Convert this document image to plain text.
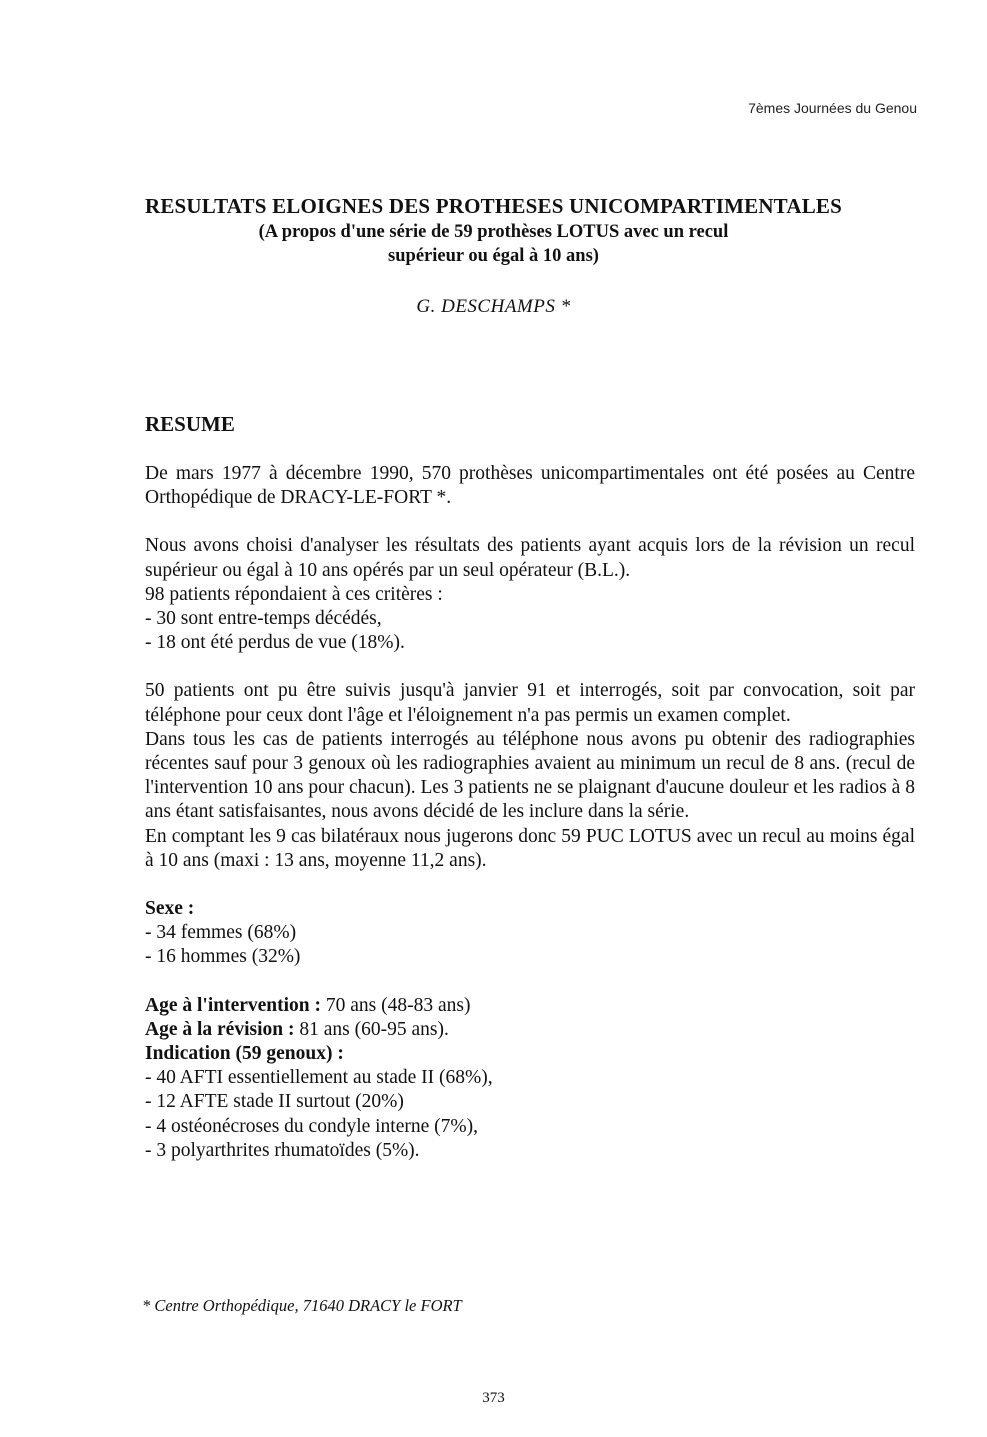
7èmes Journées du Genou
RESULTATS ELOIGNES DES PROTHESES UNICOMPARTIMENTALES
(A propos d'une série de 59 prothèses LOTUS avec un recul
supérieur ou égal à 10 ans)
G. DESCHAMPS *
RESUME

De mars 1977 à décembre 1990, 570 prothèses unicompartimentales ont été posées au Centre Orthopédique de DRACY-LE-FORT *.

Nous avons choisi d'analyser les résultats des patients ayant acquis lors de la révision un recul supérieur ou égal à 10 ans opérés par un seul opérateur (B.L.).

98 patients répondaient à ces critères :

- 30 sont entre-temps décédés,

- 18 ont été perdus de vue (18%).

50 patients ont pu être suivis jusqu'à janvier 91 et interrogés, soit par convocation, soit par téléphone pour ceux dont l'âge et l'éloignement n'a pas permis un examen complet.

Dans tous les cas de patients interrogés au téléphone nous avons pu obtenir des radiographies récentes sauf pour 3 genoux où les radiographies avaient au minimum un recul de 8 ans. (recul de l'intervention 10 ans pour chacun). Les 3 patients ne se plaignant d'aucune douleur et les radios à 8 ans étant satisfaisantes, nous avons décidé de les inclure dans la série.

En comptant les 9 cas bilatéraux nous jugerons donc 59 PUC LOTUS avec un recul au moins égal à 10 ans (maxi : 13 ans, moyenne 11,2 ans).

Sexe :

- 34 femmes (68%)

- 16 hommes (32%)

Age à l'intervention : 70 ans (48-83 ans)

Age à la révision : 81 ans (60-95 ans).

Indication (59 genoux) :

- 40 AFTI essentiellement au stade II (68%),

- 12 AFTE stade II surtout (20%)

- 4 ostéonécroses du condyle interne (7%),

- 3 polyarthrites rhumatoïdes (5%).

* Centre Orthopédique, 71640 DRACY le FORT
373
